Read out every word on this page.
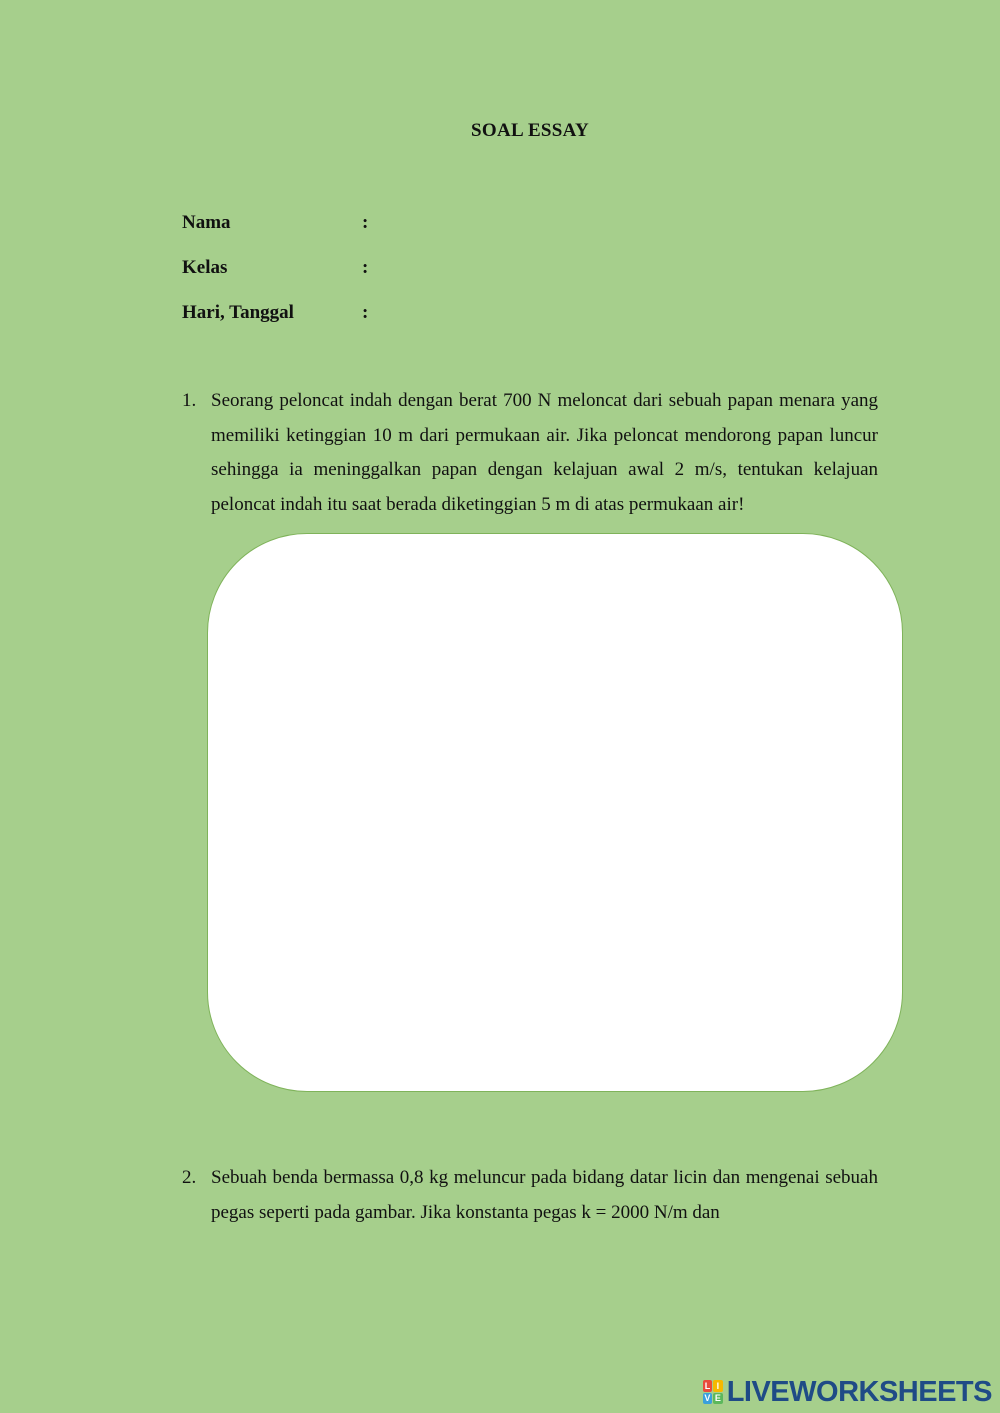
SOAL ESSAY
Nama	:
Kelas	:
Hari, Tanggal	:
1. Seorang peloncat indah dengan berat 700 N meloncat dari sebuah papan menara yang memiliki ketinggian 10 m dari permukaan air. Jika peloncat mendorong papan luncur sehingga ia meninggalkan papan dengan kelajuan awal 2 m/s, tentukan kelajuan peloncat indah itu saat berada diketinggian 5 m di atas permukaan air!
2. Sebuah benda bermassa 0,8 kg meluncur pada bidang datar licin dan mengenai sebuah pegas seperti pada gambar. Jika konstanta pegas k = 2000 N/m dan
L I
V E LIVEWORKSHEETS
